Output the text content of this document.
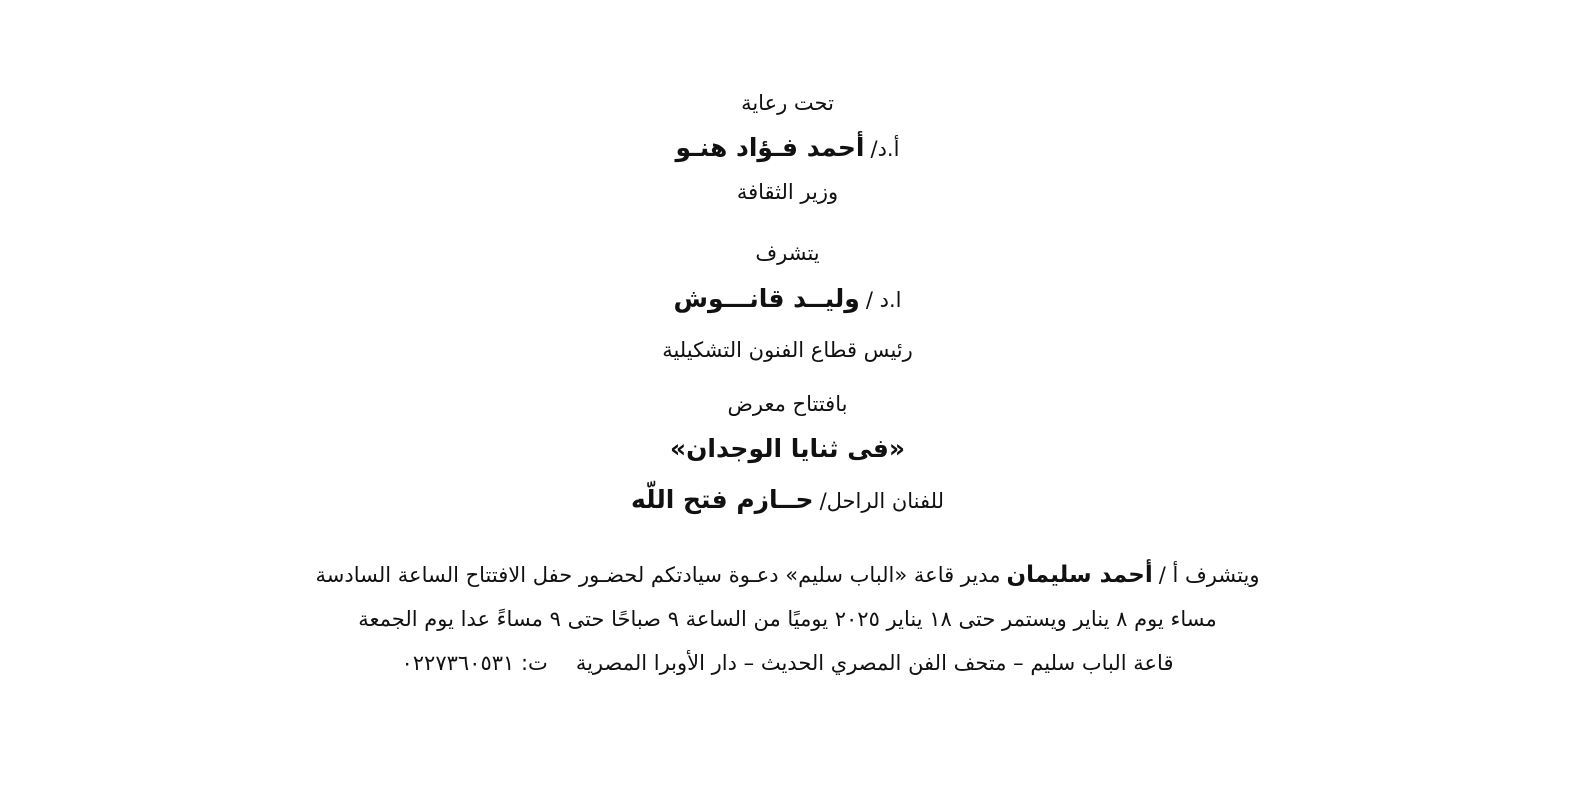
تحت رعاية
أ.د/أحمد فـؤاد هنـو
وزير الثقافة
يتشرف
ا.د /وليــد قانـــوش
رئيس قطاع الفنون التشكيلية
بافتتاح معرض
«فى ثنايا الوجدان»
للفنان الراحل/حــازم فتح اللّه
ويتشرف أ /أحمد سليمانمدير قاعة «الباب سليم» دعـوة سيادتكم لحضـور حفل الافتتاح الساعة السادسة
مساء يوم ٨ يناير ويستمر حتى ١٨ يناير ٢٠٢٥ يوميًا من الساعة ٩ صباحًا حتى ٩ مساءً عدا يوم الجمعة
قاعة الباب سليم – متحف الفن المصري الحديث – دار الأوبرا المصريةت: ٠٢٢٧٣٦٠٥٣١
